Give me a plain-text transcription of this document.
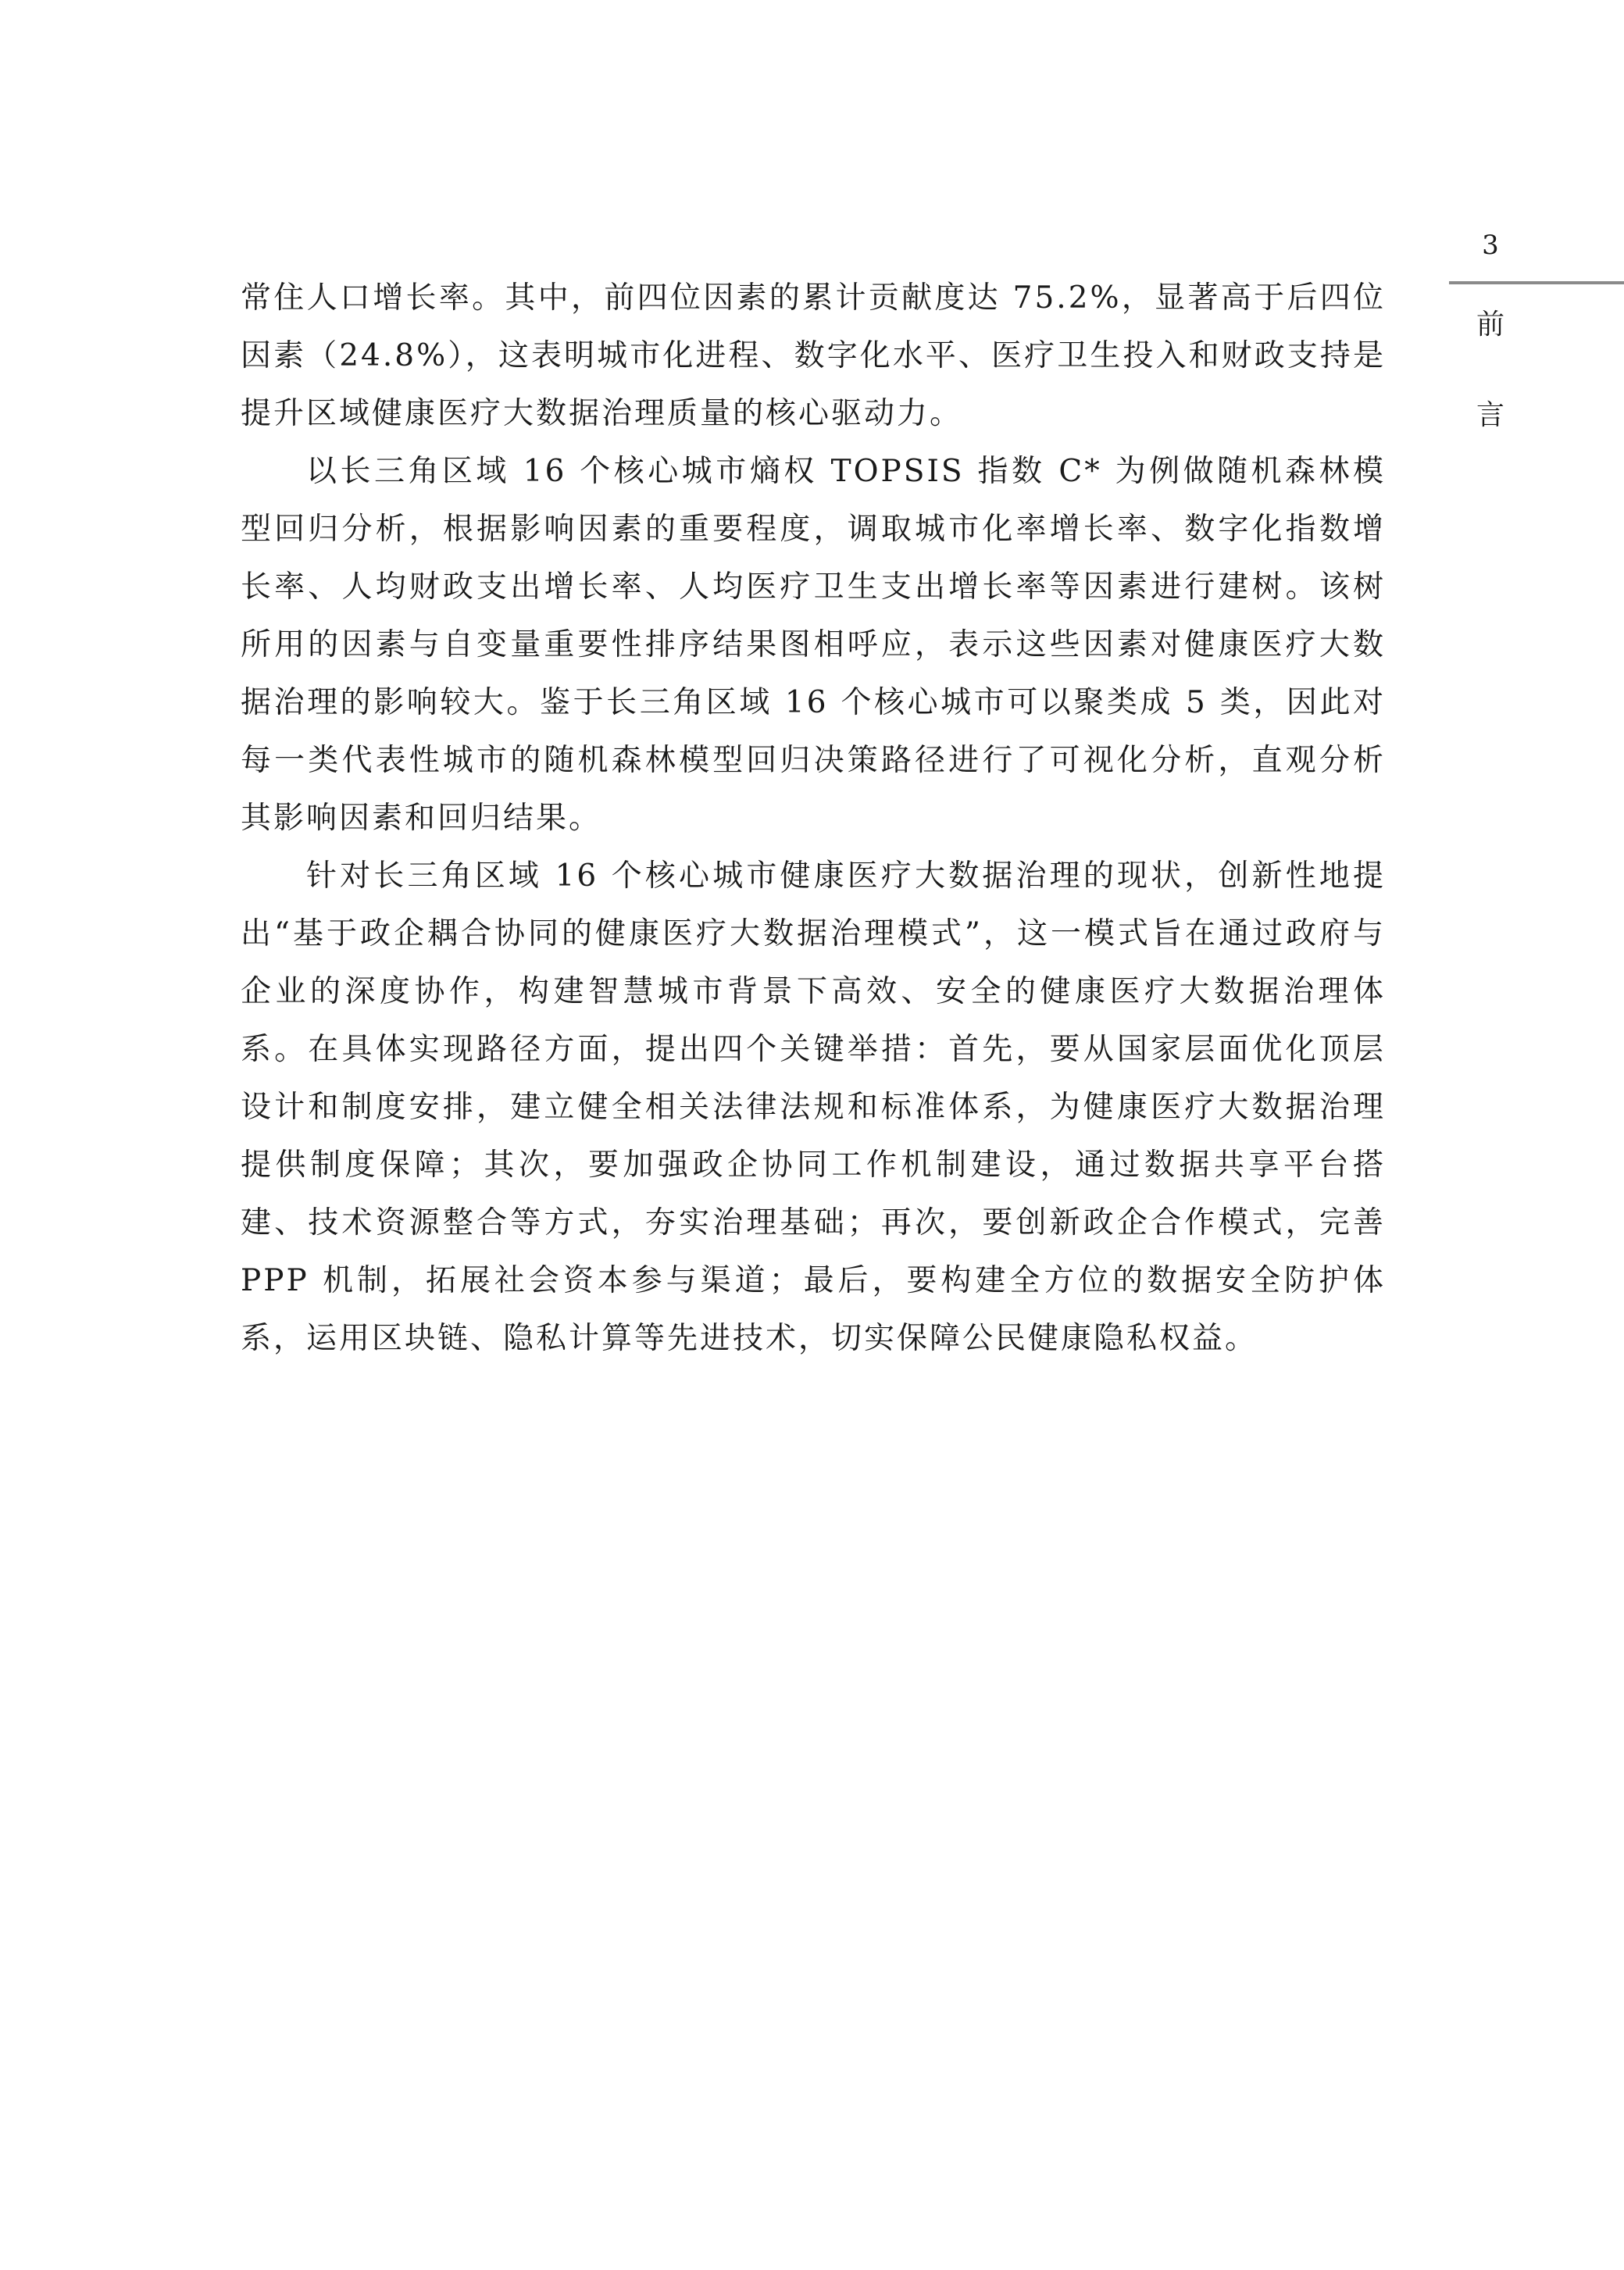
3
前
言

常住人口增长率。其中，前四位因素的累计贡献度达 75.2%，显著高于后四位因素（24.8%），这表明城市化进程、数字化水平、医疗卫生投入和财政支持是提升区域健康医疗大数据治理质量的核心驱动力。

以长三角区域 16 个核心城市熵权 TOPSIS 指数 C* 为例做随机森林模型回归分析，根据影响因素的重要程度，调取城市化率增长率、数字化指数增长率、人均财政支出增长率、人均医疗卫生支出增长率等因素进行建树。该树所用的因素与自变量重要性排序结果图相呼应，表示这些因素对健康医疗大数据治理的影响较大。鉴于长三角区域 16 个核心城市可以聚类成 5 类，因此对每一类代表性城市的随机森林模型回归决策路径进行了可视化分析，直观分析其影响因素和回归结果。

针对长三角区域 16 个核心城市健康医疗大数据治理的现状，创新性地提出“基于政企耦合协同的健康医疗大数据治理模式”，这一模式旨在通过政府与企业的深度协作，构建智慧城市背景下高效、安全的健康医疗大数据治理体系。在具体实现路径方面，提出四个关键举措：首先，要从国家层面优化顶层设计和制度安排，建立健全相关法律法规和标准体系，为健康医疗大数据治理提供制度保障；其次，要加强政企协同工作机制建设，通过数据共享平台搭建、技术资源整合等方式，夯实治理基础；再次，要创新政企合作模式，完善 PPP 机制，拓展社会资本参与渠道；最后，要构建全方位的数据安全防护体系，运用区块链、隐私计算等先进技术，切实保障公民健康隐私权益。
